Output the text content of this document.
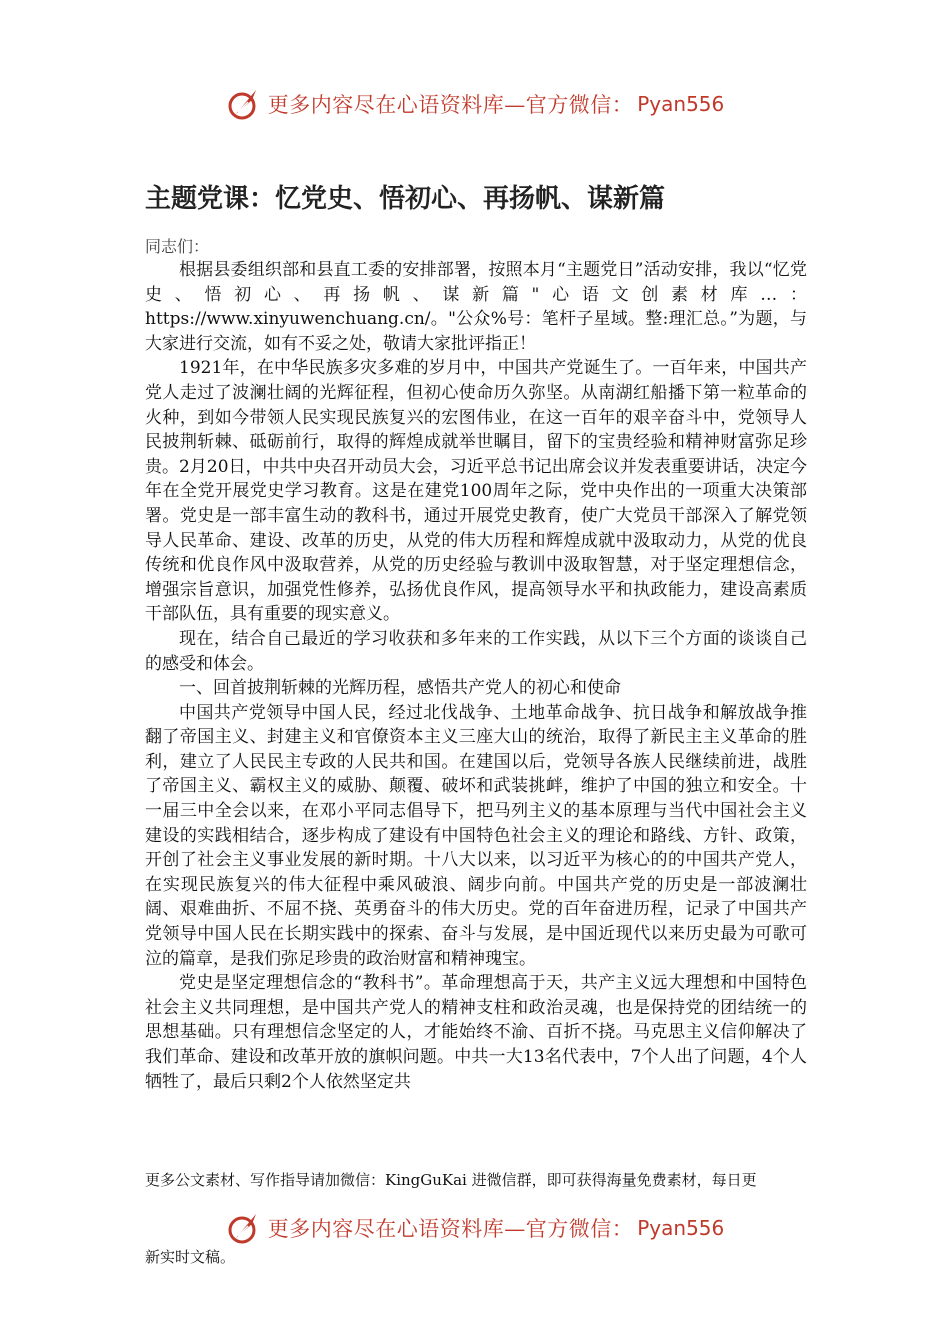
更多内容尽在心语资料库—官方微信： Pyan556
主题党课：忆党史、悟初心、再扬帆、谋新篇
同志们：

根据县委组织部和县直工委的安排部署，按照本月“主题党日”活动安排，我以“忆党史、悟初心、再扬帆、谋新篇"心语文创素材库…：https://www.xinyuwenchuang.cn/。"公众%号：笔杆子星域。整:理汇总。”为题，与大家进行交流，如有不妥之处，敬请大家批评指正！

1921年，在中华民族多灾多难的岁月中，中国共产党诞生了。一百年来，中国共产党人走过了波澜壮阔的光辉征程，但初心使命历久弥坚。从南湖红船播下第一粒革命的火种，到如今带领人民实现民族复兴的宏图伟业，在这一百年的艰辛奋斗中，党领导人民披荆斩棘、砥砺前行，取得的辉煌成就举世瞩目，留下的宝贵经验和精神财富弥足珍贵。2月20日，中共中央召开动员大会，习近平总书记出席会议并发表重要讲话，决定今年在全党开展党史学习教育。这是在建党100周年之际，党中央作出的一项重大决策部署。党史是一部丰富生动的教科书，通过开展党史教育，使广大党员干部深入了解党领导人民革命、建设、改革的历史，从党的伟大历程和辉煌成就中汲取动力，从党的优良传统和优良作风中汲取营养，从党的历史经验与教训中汲取智慧，对于坚定理想信念，增强宗旨意识，加强党性修养，弘扬优良作风，提高领导水平和执政能力，建设高素质干部队伍，具有重要的现实意义。

现在，结合自己最近的学习收获和多年来的工作实践，从以下三个方面的谈谈自己的感受和体会。

一、回首披荆斩棘的光辉历程，感悟共产党人的初心和使命

中国共产党领导中国人民，经过北伐战争、土地革命战争、抗日战争和解放战争推翻了帝国主义、封建主义和官僚资本主义三座大山的统治，取得了新民主主义革命的胜利，建立了人民民主专政的人民共和国。在建国以后，党领导各族人民继续前进，战胜了帝国主义、霸权主义的威胁、颠覆、破坏和武装挑衅，维护了中国的独立和安全。十一届三中全会以来，在邓小平同志倡导下，把马列主义的基本原理与当代中国社会主义建设的实践相结合，逐步构成了建设有中国特色社会主义的理论和路线、方针、政策，开创了社会主义事业发展的新时期。十八大以来，以习近平为核心的的中国共产党人，在实现民族复兴的伟大征程中乘风破浪、阔步向前。中国共产党的历史是一部波澜壮阔、艰难曲折、不屈不挠、英勇奋斗的伟大历史。党的百年奋进历程，记录了中国共产党领导中国人民在长期实践中的探索、奋斗与发展，是中国近现代以来历史最为可歌可泣的篇章，是我们弥足珍贵的政治财富和精神瑰宝。

党史是坚定理想信念的“教科书”。革命理想高于天，共产主义远大理想和中国特色社会主义共同理想，是中国共产党人的精神支柱和政治灵魂，也是保持党的团结统一的思想基础。只有理想信念坚定的人，才能始终不渝、百折不挠。马克思主义信仰解决了我们革命、建设和改革开放的旗帜问题。中共一大13名代表中，7个人出了问题，4个人牺牲了，最后只剩2个人依然坚定共

更多公文素材、写作指导请加微信：KingGuKai 进微信群，即可获得海量免费素材，每日更
更多内容尽在心语资料库—官方微信： Pyan556
新实时文稿。
